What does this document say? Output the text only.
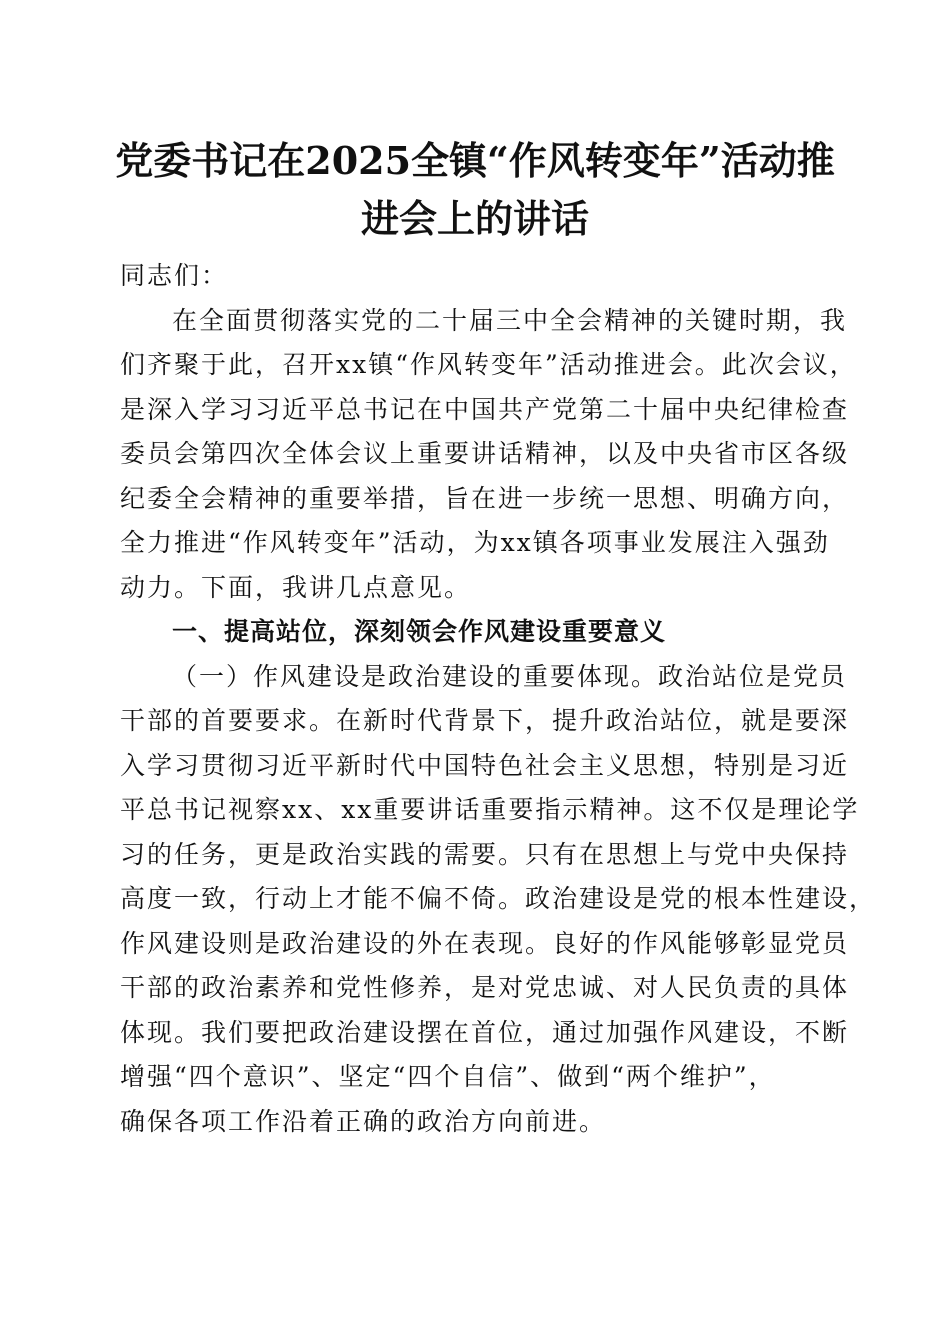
党委书记在2025全镇“作风转变年”活动推
进会上的讲话
同志们：
在全面贯彻落实党的二十届三中全会精神的关键时期，我
们齐聚于此，召开xx镇“作风转变年”活动推进会。此次会议，
是深入学习习近平总书记在中国共产党第二十届中央纪律检查
委员会第四次全体会议上重要讲话精神，以及中央省市区各级
纪委全会精神的重要举措，旨在进一步统一思想、明确方向，
全力推进“作风转变年”活动，为xx镇各项事业发展注入强劲
动力。下面，我讲几点意见。
一、提高站位，深刻领会作风建设重要意义
（一）作风建设是政治建设的重要体现。政治站位是党员
干部的首要要求。在新时代背景下，提升政治站位，就是要深
入学习贯彻习近平新时代中国特色社会主义思想，特别是习近
平总书记视察xx、xx重要讲话重要指示精神。这不仅是理论学
习的任务，更是政治实践的需要。只有在思想上与党中央保持
高度一致，行动上才能不偏不倚。政治建设是党的根本性建设，
作风建设则是政治建设的外在表现。良好的作风能够彰显党员
干部的政治素养和党性修养，是对党忠诚、对人民负责的具体
体现。我们要把政治建设摆在首位，通过加强作风建设，不断
增强“四个意识”、坚定“四个自信”、做到“两个维护”，
确保各项工作沿着正确的政治方向前进。
